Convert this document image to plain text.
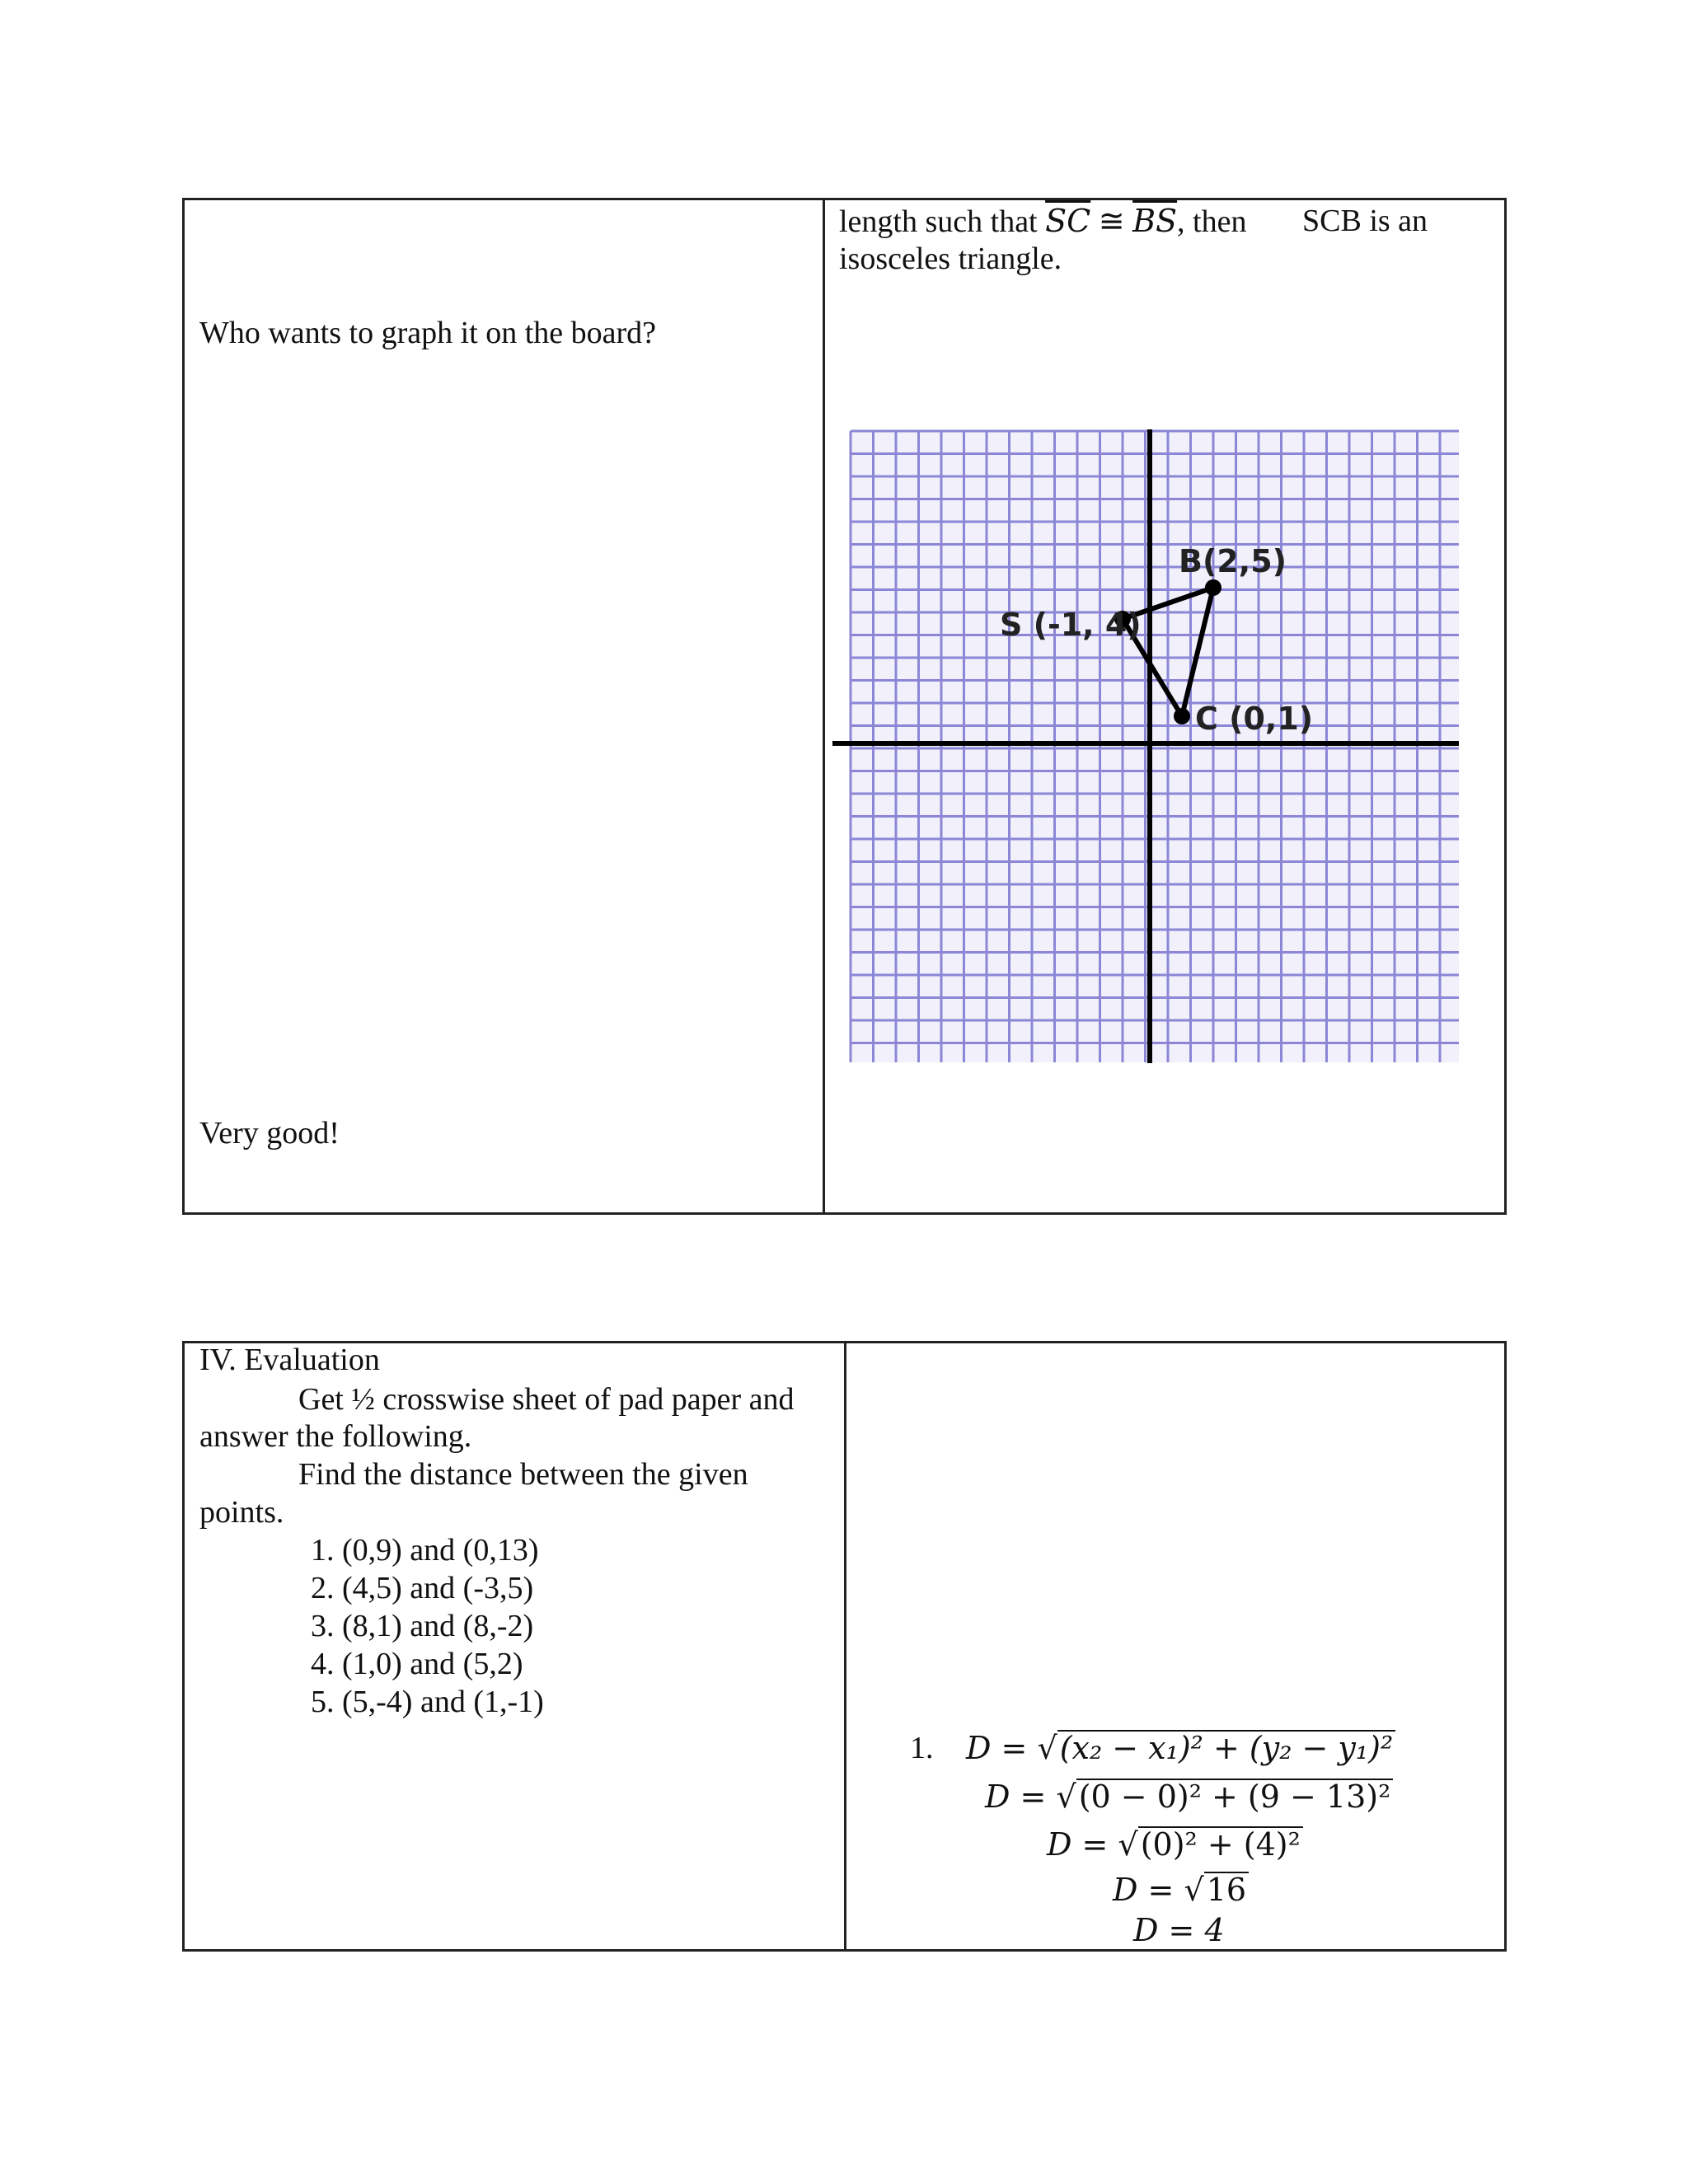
Who wants to graph it on the board?
Very good!
length such that $\overline{SC}$ ≅ $\overline{BS}$, then SCB is an
isosceles triangle.
S (-1, 4)
B(2,5)
C (0,1)
IV. Evaluation
Get ½ crosswise sheet of pad paper and
answer the following.
Find the distance between the given
points.
1. (0,9) and (0,13)
2. (4,5) and (-3,5)
3. (8,1) and (8,-2)
4. (1,0) and (5,2)
5. (5,-4) and (1,-1)
1. D = √(x₂ − x₁)² + (y₂ − y₁)²
D = √(0 − 0)² + (9 − 13)²
D = √(0)² + (4)²
D = √16
D = 4
